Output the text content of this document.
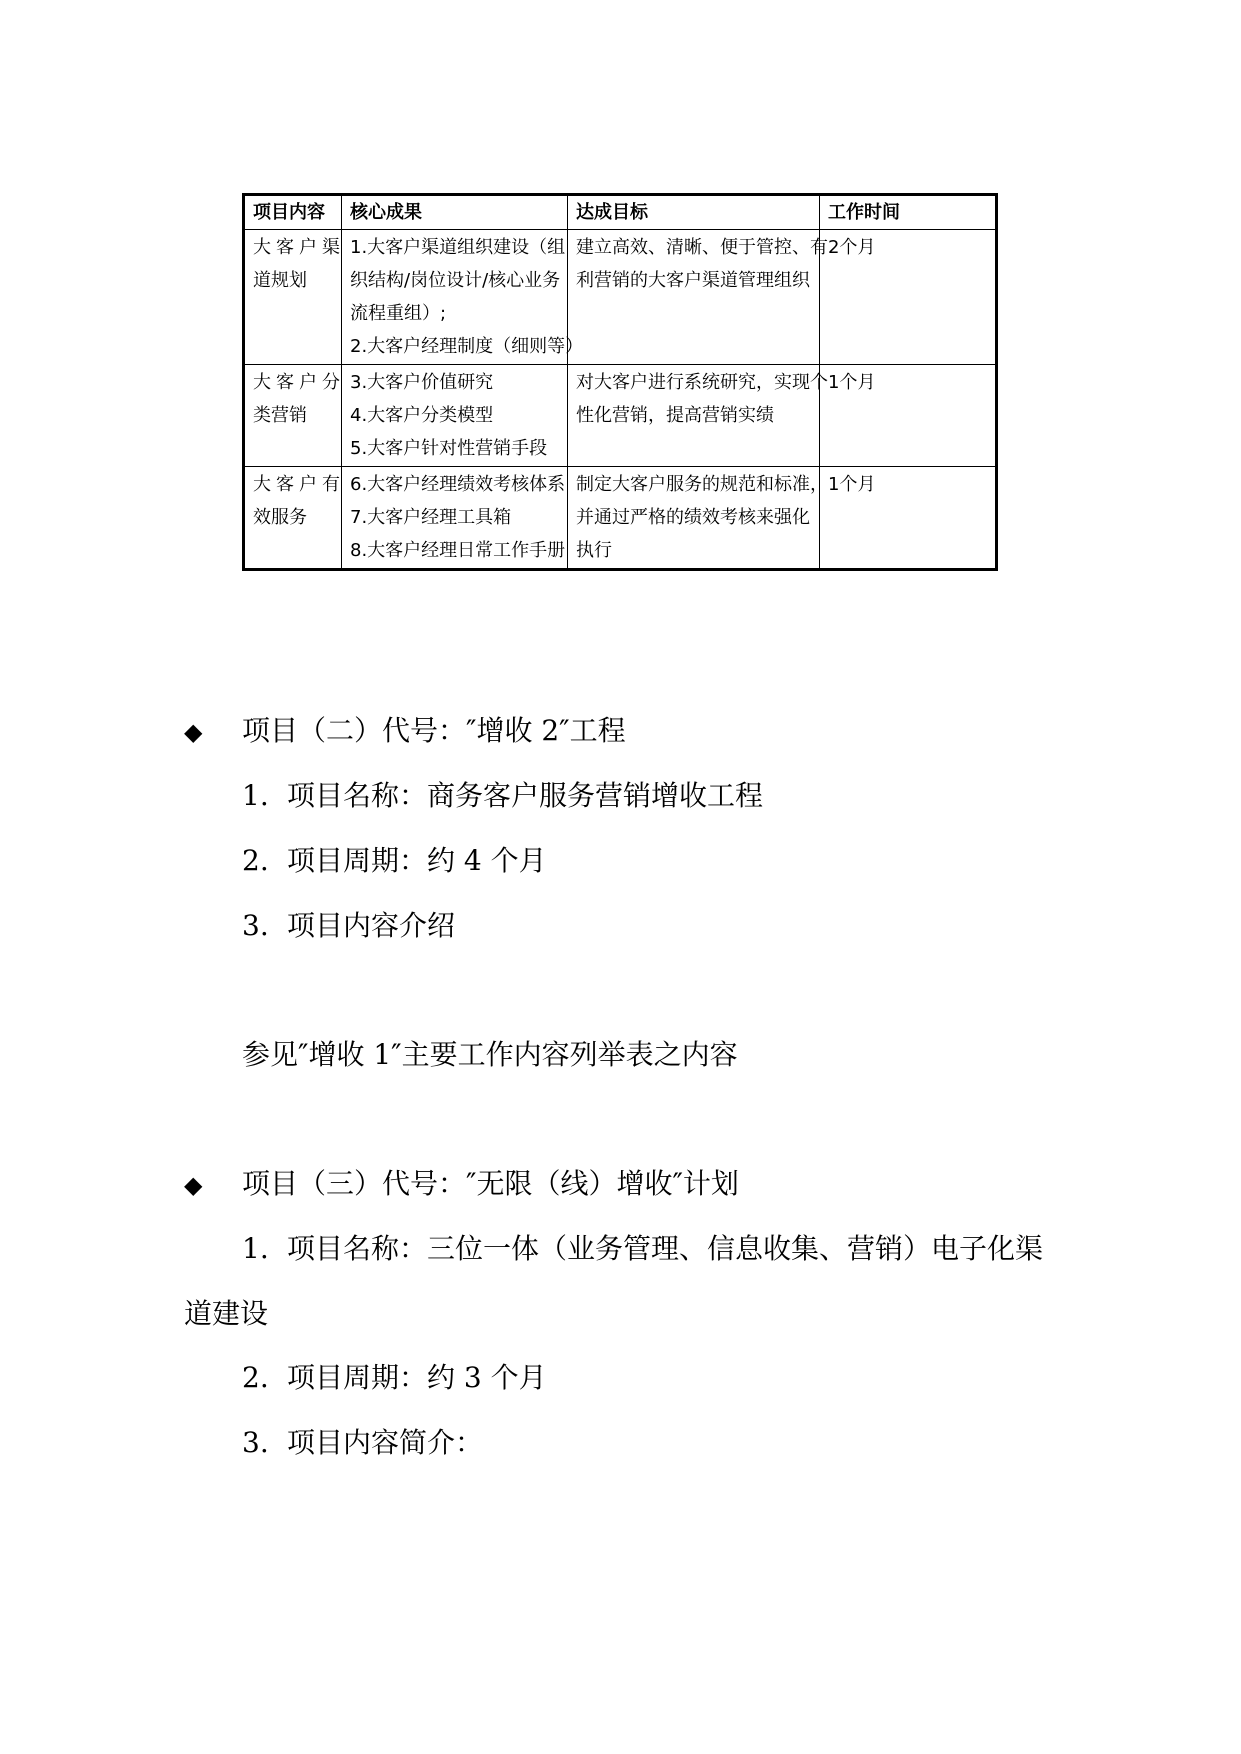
项目内容	核心成果	达成目标	工作时间

大客户渠
道规划	1.大客户渠道组织建设（组
织结构/岗位设计/核心业务
流程重组）;
2.大客户经理制度（细则等）	建立高效、清晰、便于管控、有
利营销的大客户渠道管理组织	2个月

大客户分
类营销	3.大客户价值研究
4.大客户分类模型
5.大客户针对性营销手段	对大客户进行系统研究，实现个
性化营销，提高营销实绩	1个月

大客户有
效服务	6.大客户经理绩效考核体系
7.大客户经理工具箱
8.大客户经理日常工作手册	制定大客户服务的规范和标准，
并通过严格的绩效考核来强化
执行	1个月
◆ 项目（二）代号：″增收 2″工程
1. 项目名称：商务客户服务营销增收工程
2. 项目周期：约 4 个月
3. 项目内容介绍
参见″增收 1″主要工作内容列举表之内容
◆ 项目（三）代号：″无限（线）增收″计划
1. 项目名称：三位一体（业务管理、信息收集、营销）电子化渠
道建设
2. 项目周期：约 3 个月
3. 项目内容简介：
